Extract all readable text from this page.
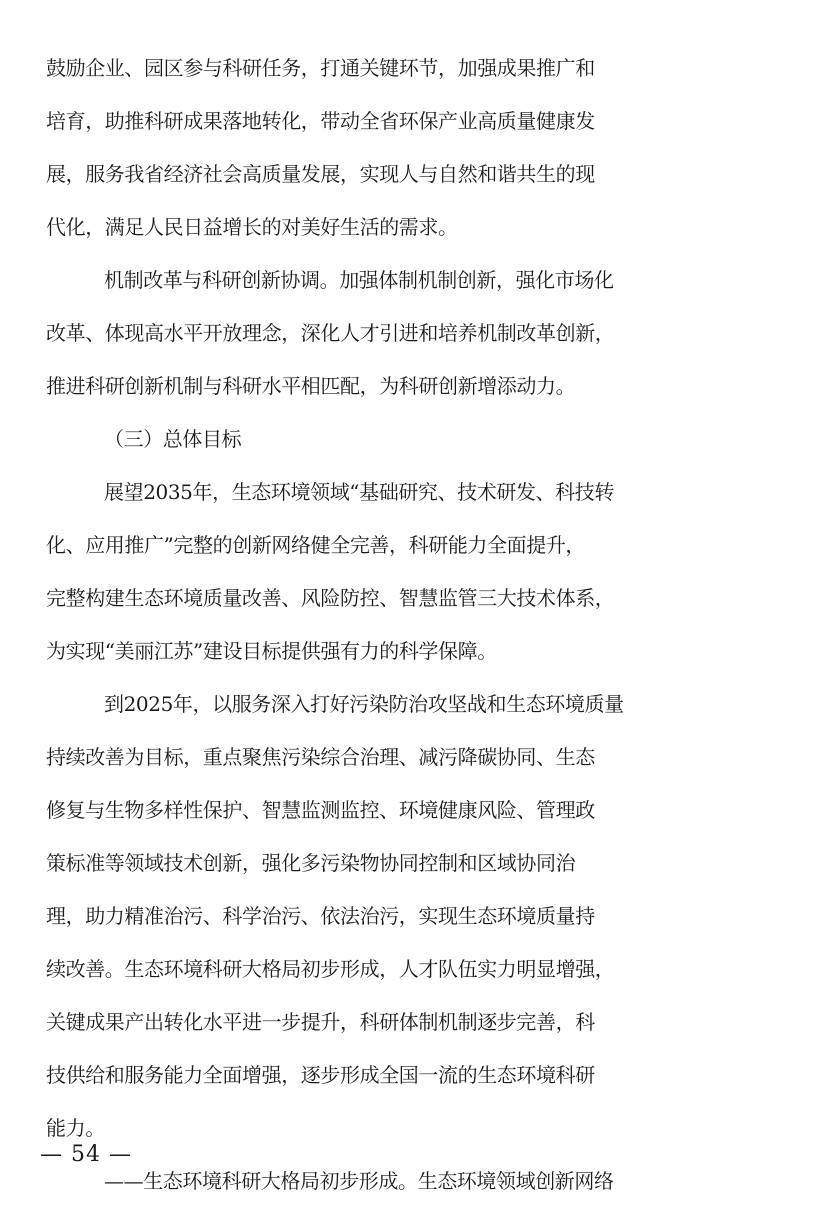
鼓励企业、园区参与科研任务，打通关键环节，加强成果推广和
培育，助推科研成果落地转化，带动全省环保产业高质量健康发
展，服务我省经济社会高质量发展，实现人与自然和谐共生的现
代化，满足人民日益增长的对美好生活的需求。
机制改革与科研创新协调。加强体制机制创新，强化市场化
改革、体现高水平开放理念，深化人才引进和培养机制改革创新，
推进科研创新机制与科研水平相匹配，为科研创新增添动力。
（三）总体目标
展望2035年，生态环境领域“基础研究、技术研发、科技转
化、应用推广”完整的创新网络健全完善，科研能力全面提升，
完整构建生态环境质量改善、风险防控、智慧监管三大技术体系，
为实现“美丽江苏”建设目标提供强有力的科学保障。
到2025年，以服务深入打好污染防治攻坚战和生态环境质量
持续改善为目标，重点聚焦污染综合治理、减污降碳协同、生态
修复与生物多样性保护、智慧监测监控、环境健康风险、管理政
策标准等领域技术创新，强化多污染物协同控制和区域协同治
理，助力精准治污、科学治污、依法治污，实现生态环境质量持
续改善。生态环境科研大格局初步形成，人才队伍实力明显增强，
关键成果产出转化水平进一步提升，科研体制机制逐步完善，科
技供给和服务能力全面增强，逐步形成全国一流的生态环境科研
能力。
——生态环境科研大格局初步形成。生态环境领域创新网络
— 54 —
